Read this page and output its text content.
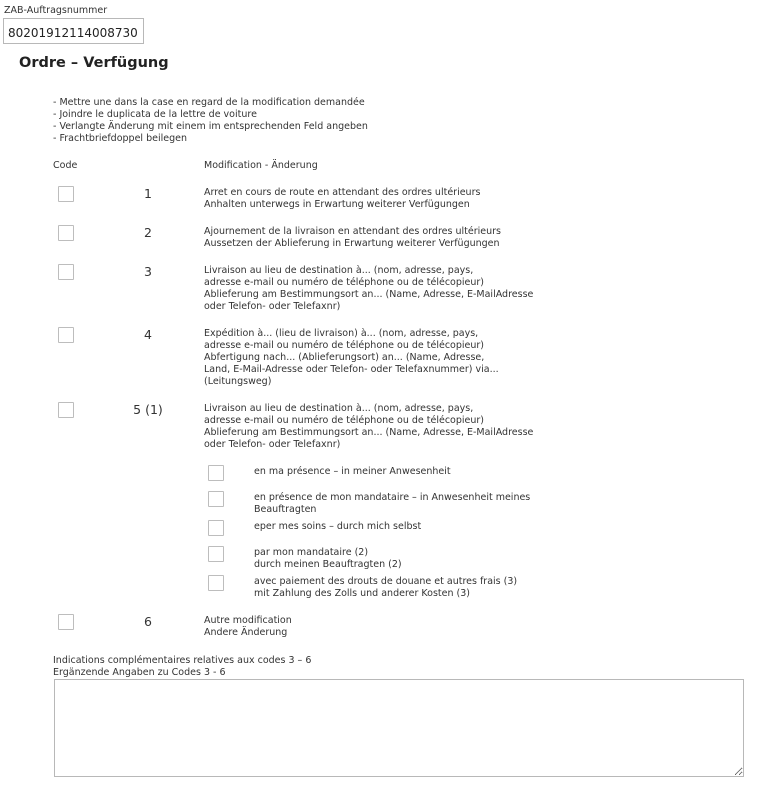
ZAB-Auftragsnummer
80201912114008730
Ordre – Verfügung
- Mettre une dans la case en regard de la modification demandée
- Joindre le duplicata de la lettre de voiture
- Verlangte Änderung mit einem im entsprechenden Feld angeben
- Frachtbriefdoppel beilegen
Code	Modification - Änderung
1	Arret en cours de route en attendant des ordres ultérieurs
Anhalten unterwegs in Erwartung weiterer Verfügungen
2	Ajournement de la livraison en attendant des ordres ultérieurs
Aussetzen der Ablieferung in Erwartung weiterer Verfügungen
3	Livraison au lieu de destination à... (nom, adresse, pays,
adresse e-mail ou numéro de téléphone ou de télécopieur)
Ablieferung am Bestimmungsort an... (Name, Adresse, E-MailAdresse
oder Telefon- oder Telefaxnr)
4	Expédition à... (lieu de livraison) à... (nom, adresse, pays,
adresse e-mail ou numéro de téléphone ou de télécopieur)
Abfertigung nach... (Ablieferungsort) an... (Name, Adresse,
Land, E-Mail-Adresse oder Telefon- oder Telefaxnummer) via...
(Leitungsweg)
5 (1)	Livraison au lieu de destination à... (nom, adresse, pays,
adresse e-mail ou numéro de téléphone ou de télécopieur)
Ablieferung am Bestimmungsort an... (Name, Adresse, E-MailAdresse
oder Telefon- oder Telefaxnr)
en ma présence – in meiner Anwesenheit
en présence de mon mandataire – in Anwesenheit meines
Beauftragten
eper mes soins – durch mich selbst
par mon mandataire (2)
durch meinen Beauftragten (2)
avec paiement des drouts de douane et autres frais (3)
mit Zahlung des Zolls und anderer Kosten (3)
6	Autre modification
Andere Änderung
Indications complémentaires relatives aux codes 3 – 6
Ergänzende Angaben zu Codes 3 - 6
